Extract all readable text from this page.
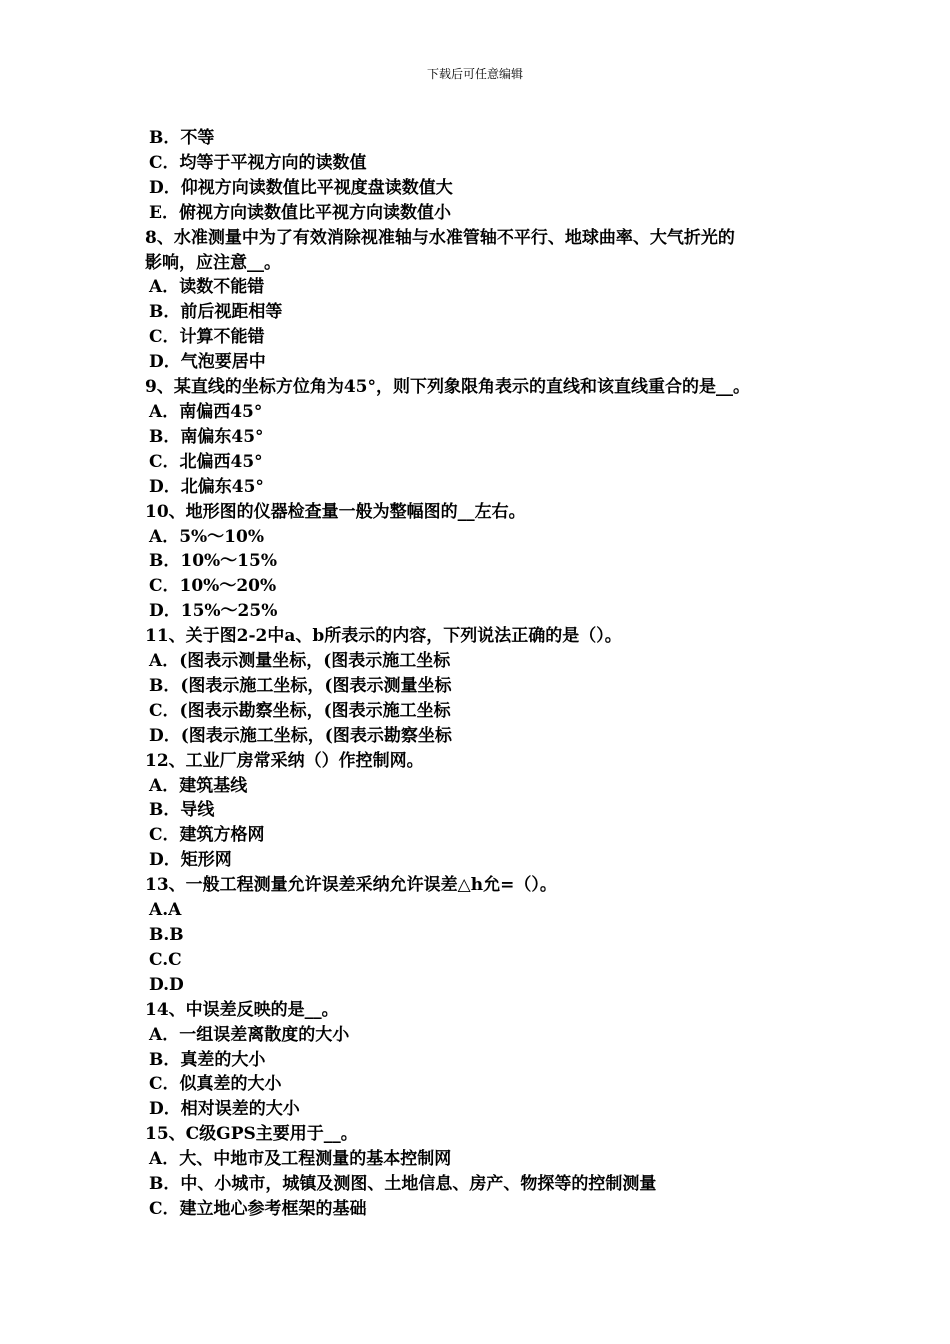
下载后可任意编辑
B．不等
C．均等于平视方向的读数值
D．仰视方向读数值比平视度盘读数值大
E．俯视方向读数值比平视方向读数值小
8、水准测量中为了有效消除视准轴与水准管轴不平行、地球曲率、大气折光的
影响，应注意__。
A．读数不能错
B．前后视距相等
C．计算不能错
D．气泡要居中
9、某直线的坐标方位角为45°，则下列象限角表示的直线和该直线重合的是__。
A．南偏西45°
B．南偏东45°
C．北偏西45°
D．北偏东45°
10、地形图的仪器检查量一般为整幅图的__左右。
A．5%～10%
B．10%～15%
C．10%～20%
D．15%～25%
11、关于图2-2中a、b所表示的内容，下列说法正确的是（）。
A．(图表示测量坐标，(图表示施工坐标
B．(图表示施工坐标，(图表示测量坐标
C．(图表示勘察坐标，(图表示施工坐标
D．(图表示施工坐标，(图表示勘察坐标
12、工业厂房常采纳（）作控制网。
A．建筑基线
B．导线
C．建筑方格网
D．矩形网
13、一般工程测量允许误差采纳允许误差△h允=（）。
A.A
B.B
C.C
D.D
14、中误差反映的是__。
A．一组误差离散度的大小
B．真差的大小
C．似真差的大小
D．相对误差的大小
15、C级GPS主要用于__。
A．大、中地市及工程测量的基本控制网
B．中、小城市，城镇及测图、土地信息、房产、物探等的控制测量
C．建立地心参考框架的基础
